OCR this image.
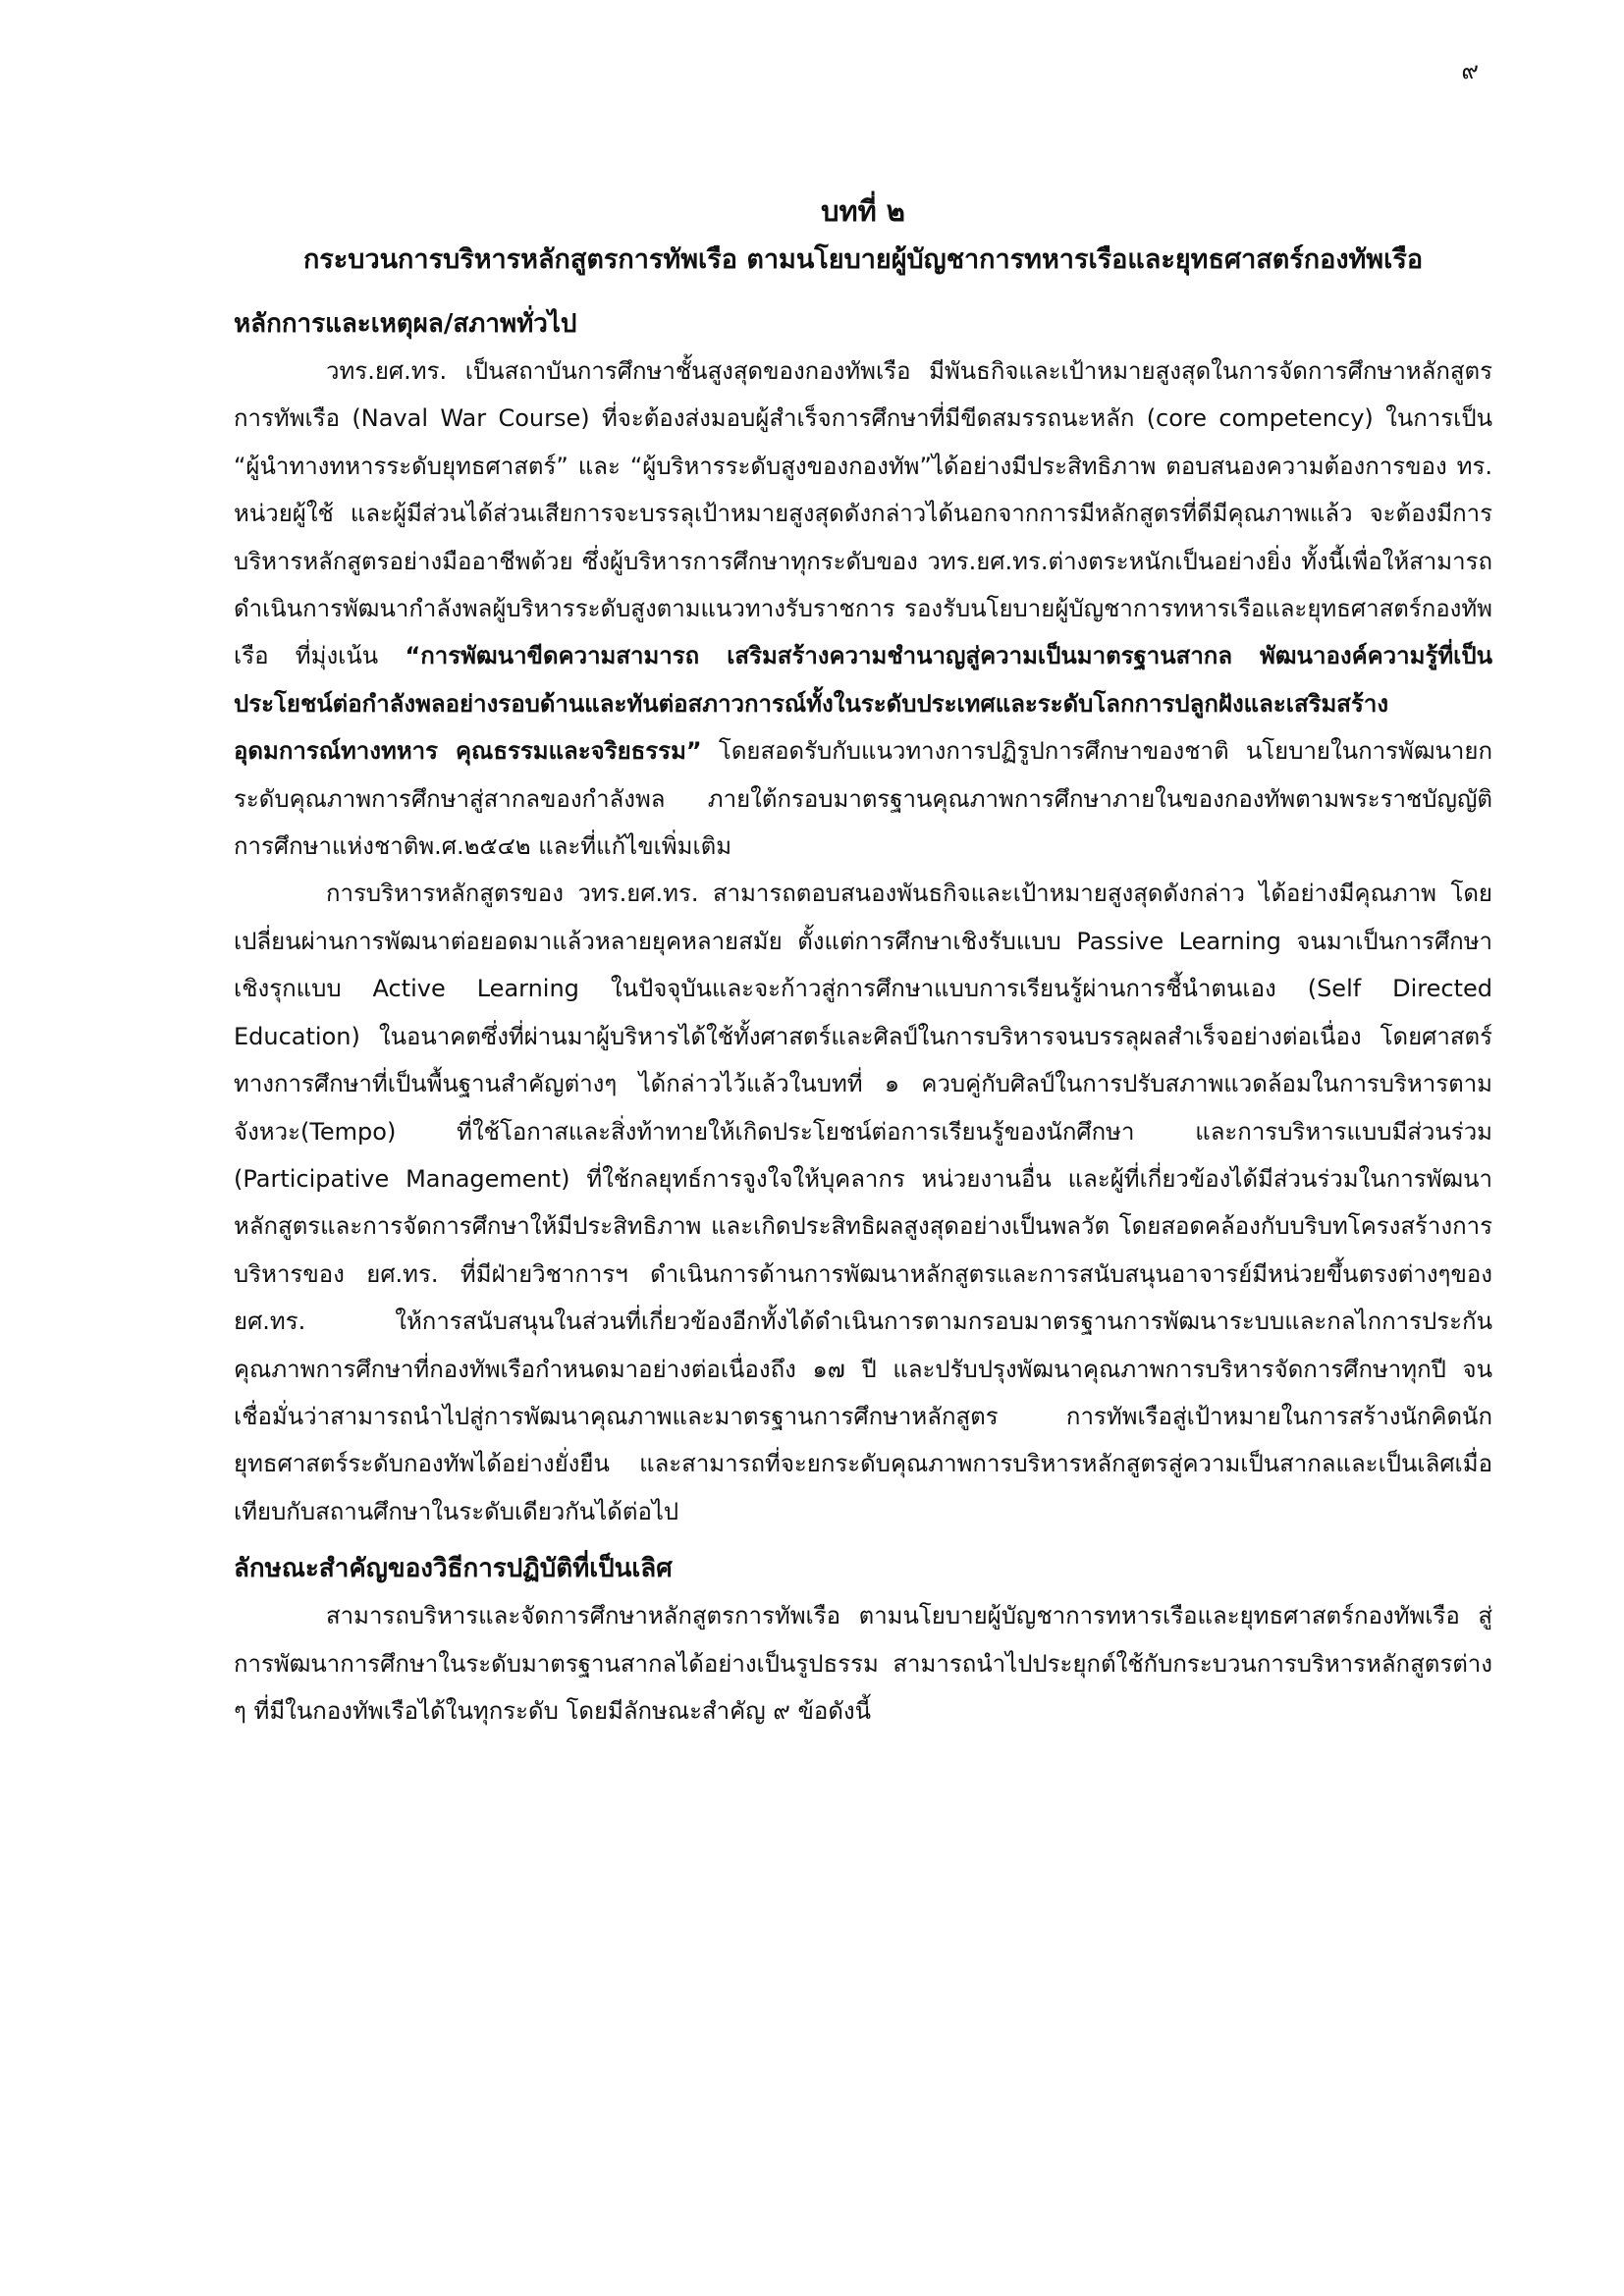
๙
บทที่ ๒
กระบวนการบริหารหลักสูตรการทัพเรือ ตามนโยบายผู้บัญชาการทหารเรือและยุทธศาสตร์กองทัพเรือ
หลักการและเหตุผล/สภาพทั่วไป

วทร.ยศ.ทร. เป็นสถาบันการศึกษาชั้นสูงสุดของกองทัพเรือ มีพันธกิจและเป้าหมายสูงสุดในการจัดการศึกษาหลักสูตรการทัพเรือ (Naval War Course) ที่จะต้องส่งมอบผู้สำเร็จการศึกษาที่มีขีดสมรรถนะหลัก (core competency) ในการเป็น “ผู้นำทางทหารระดับยุทธศาสตร์” และ “ผู้บริหารระดับสูงของกองทัพ”ได้อย่างมีประสิทธิภาพ ตอบสนองความต้องการของ ทร. หน่วยผู้ใช้ และผู้มีส่วนได้ส่วนเสียการจะบรรลุเป้าหมายสูงสุดดังกล่าวได้นอกจากการมีหลักสูตรที่ดีมีคุณภาพแล้ว จะต้องมีการบริหารหลักสูตรอย่างมืออาชีพด้วย ซึ่งผู้บริหารการศึกษาทุกระดับของ วทร.ยศ.ทร.ต่างตระหนักเป็นอย่างยิ่ง ทั้งนี้เพื่อให้สามารถดำเนินการพัฒนากำลังพลผู้บริหารระดับสูงตามแนวทางรับราชการ รองรับนโยบายผู้บัญชาการทหารเรือและยุทธศาสตร์กองทัพเรือ ที่มุ่งเน้น “การพัฒนาขีดความสามารถ เสริมสร้างความชำนาญสู่ความเป็นมาตรฐานสากล พัฒนาองค์ความรู้ที่เป็นประโยชน์ต่อกำลังพลอย่างรอบด้านและทันต่อสภาวการณ์ทั้งในระดับประเทศและระดับโลกการปลูกฝังและเสริมสร้างอุดมการณ์ทางทหาร คุณธรรมและจริยธรรม” โดยสอดรับกับแนวทางการปฏิรูปการศึกษาของชาติ นโยบายในการพัฒนายกระดับคุณภาพการศึกษาสู่สากลของกำลังพล ภายใต้กรอบมาตรฐานคุณภาพการศึกษาภายในของกองทัพตามพระราชบัญญัติการศึกษาแห่งชาติพ.ศ.๒๕๔๒ และที่แก้ไขเพิ่มเติม

การบริหารหลักสูตรของ วทร.ยศ.ทร. สามารถตอบสนองพันธกิจและเป้าหมายสูงสุดดังกล่าว ได้อย่างมีคุณภาพ โดยเปลี่ยนผ่านการพัฒนาต่อยอดมาแล้วหลายยุคหลายสมัย ตั้งแต่การศึกษาเชิงรับแบบ Passive Learning จนมาเป็นการศึกษาเชิงรุกแบบ Active Learning ในปัจจุบันและจะก้าวสู่การศึกษาแบบการเรียนรู้ผ่านการชี้นำตนเอง (Self Directed Education) ในอนาคตซึ่งที่ผ่านมาผู้บริหารได้ใช้ทั้งศาสตร์และศิลป์ในการบริหารจนบรรลุผลสำเร็จอย่างต่อเนื่อง โดยศาสตร์ทางการศึกษาที่เป็นพื้นฐานสำคัญต่างๆ ได้กล่าวไว้แล้วในบทที่ ๑ ควบคู่กับศิลป์ในการปรับสภาพแวดล้อมในการบริหารตามจังหวะ(Tempo) ที่ใช้โอกาสและสิ่งท้าทายให้เกิดประโยชน์ต่อการเรียนรู้ของนักศึกษา และการบริหารแบบมีส่วนร่วม (Participative Management) ที่ใช้กลยุทธ์การจูงใจให้บุคลากร หน่วยงานอื่น และผู้ที่เกี่ยวข้องได้มีส่วนร่วมในการพัฒนาหลักสูตรและการจัดการศึกษาให้มีประสิทธิภาพ และเกิดประสิทธิผลสูงสุดอย่างเป็นพลวัต โดยสอดคล้องกับบริบทโครงสร้างการบริหารของ ยศ.ทร. ที่มีฝ่ายวิชาการฯ ดำเนินการด้านการพัฒนาหลักสูตรและการสนับสนุนอาจารย์มีหน่วยขึ้นตรงต่างๆของ ยศ.ทร. ให้การสนับสนุนในส่วนที่เกี่ยวข้องอีกทั้งได้ดำเนินการตามกรอบมาตรฐานการพัฒนาระบบและกลไกการประกันคุณภาพการศึกษาที่กองทัพเรือกำหนดมาอย่างต่อเนื่องถึง ๑๗ ปี และปรับปรุงพัฒนาคุณภาพการบริหารจัดการศึกษาทุกปี จนเชื่อมั่นว่าสามารถนำไปสู่การพัฒนาคุณภาพและมาตรฐานการศึกษาหลักสูตร การทัพเรือสู่เป้าหมายในการสร้างนักคิดนักยุทธศาสตร์ระดับกองทัพได้อย่างยั่งยืน และสามารถที่จะยกระดับคุณภาพการบริหารหลักสูตรสู่ความเป็นสากลและเป็นเลิศเมื่อเทียบกับสถานศึกษาในระดับเดียวกันได้ต่อไป

ลักษณะสำคัญของวิธีการปฏิบัติที่เป็นเลิศ

สามารถบริหารและจัดการศึกษาหลักสูตรการทัพเรือ ตามนโยบายผู้บัญชาการทหารเรือและยุทธศาสตร์กองทัพเรือ สู่การพัฒนาการศึกษาในระดับมาตรฐานสากลได้อย่างเป็นรูปธรรม สามารถนำไปประยุกต์ใช้กับกระบวนการบริหารหลักสูตรต่าง ๆ ที่มีในกองทัพเรือได้ในทุกระดับ โดยมีลักษณะสำคัญ ๙ ข้อดังนี้
